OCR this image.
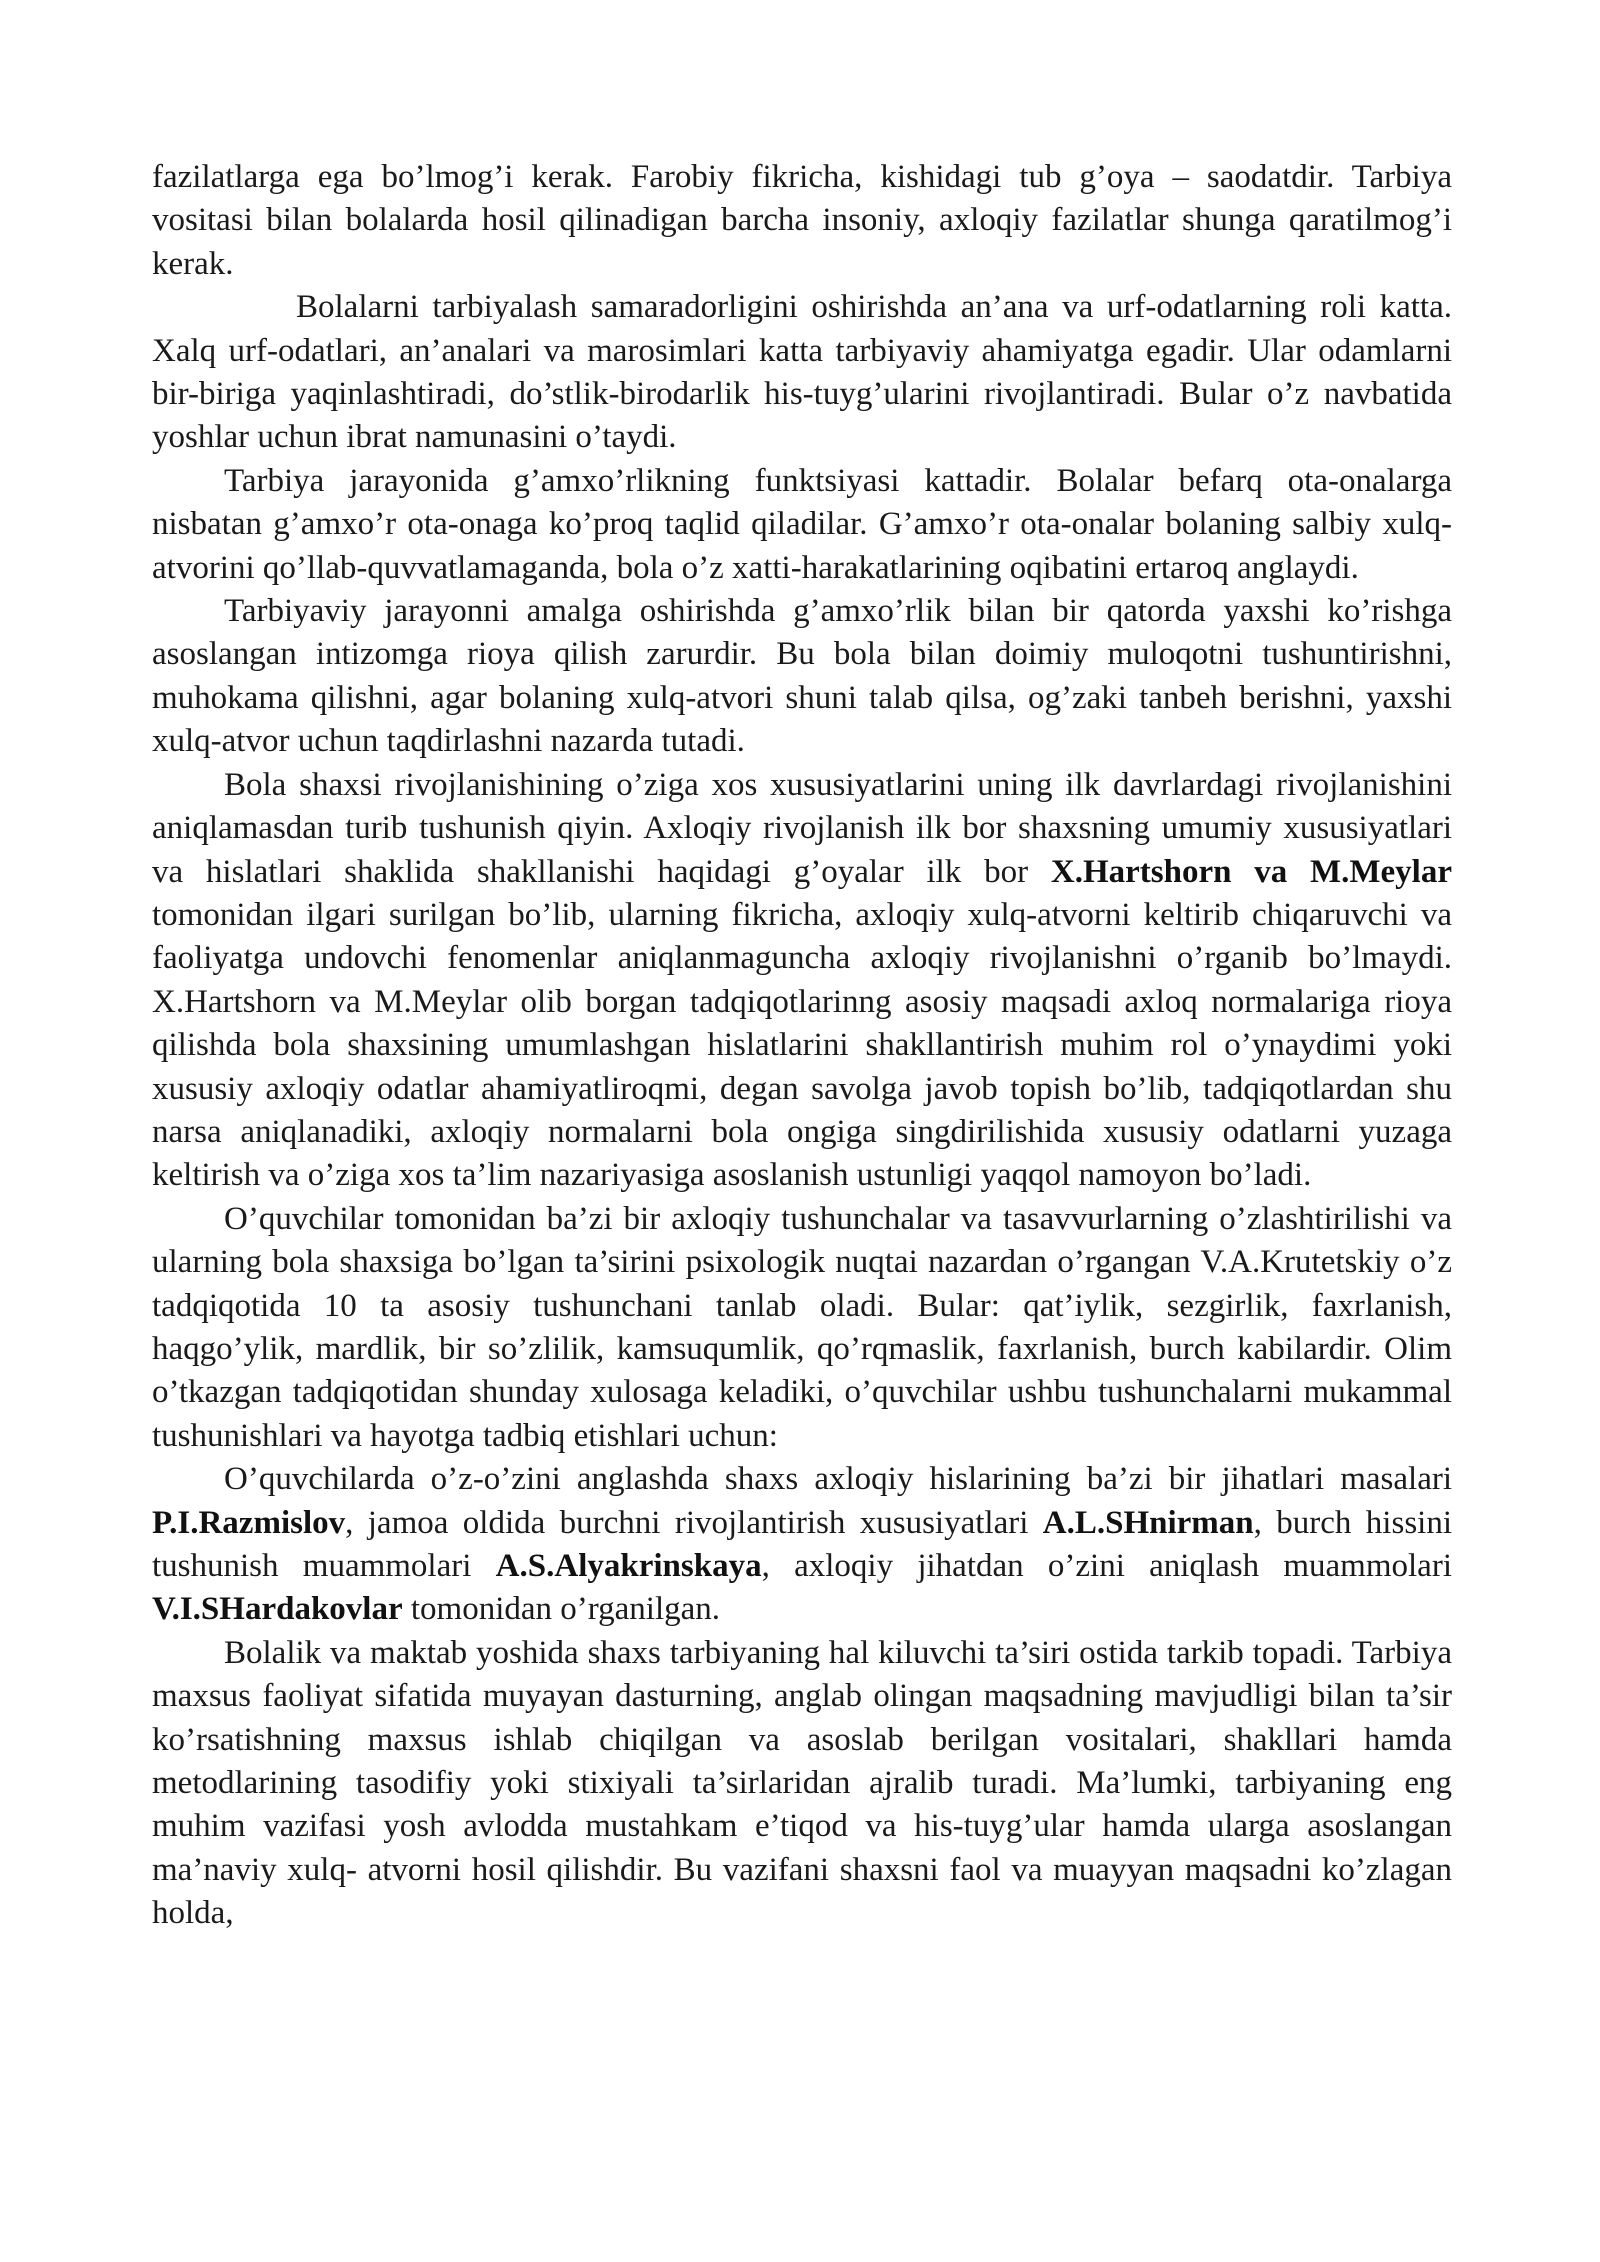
fazilatlarga ega bo’lmog’i kerak. Farobiy fikricha, kishidagi tub g’oya – saodatdir. Tarbiya vositasi bilan bolalarda hosil qilinadigan barcha insoniy, axloqiy fazilatlar shunga qaratilmog’i kerak.

Bolalarni tarbiyalash samaradorligini oshirishda an’ana va urf-odatlarning roli katta. Xalq urf-odatlari, an’analari va marosimlari katta tarbiyaviy ahamiyatga egadir. Ular odamlarni bir-biriga yaqinlashtiradi, do’stlik-birodarlik his-tuyg’ularini rivojlantiradi. Bular o’z navbatida yoshlar uchun ibrat namunasini o’taydi.

Tarbiya jarayonida g’amxo’rlikning funktsiyasi kattadir. Bolalar befarq ota-onalarga nisbatan g’amxo’r ota-onaga ko’proq taqlid qiladilar. G’amxo’r ota-onalar bolaning salbiy xulq-atvorini qo’llab-quvvatlamaganda, bola o’z xatti-harakatlarining oqibatini ertaroq anglaydi.

Tarbiyaviy jarayonni amalga oshirishda g’amxo’rlik bilan bir qatorda yaxshi ko’rishga asoslangan intizomga rioya qilish zarurdir. Bu bola bilan doimiy muloqotni tushuntirishni, muhokama qilishni, agar bolaning xulq-atvori shuni talab qilsa, og’zaki tanbeh berishni, yaxshi xulq-atvor uchun taqdirlashni nazarda tutadi.

Bola shaxsi rivojlanishining o’ziga xos xususiyatlarini uning ilk davrlardagi rivojlanishini aniqlamasdan turib tushunish qiyin. Axloqiy rivojlanish ilk bor shaxsning umumiy xususiyatlari va hislatlari shaklida shakllanishi haqidagi g’oyalar ilk bor X.Hartshorn va M.Meylar tomonidan ilgari surilgan bo’lib, ularning fikricha, axloqiy xulq-atvorni keltirib chiqaruvchi va faoliyatga undovchi fenomenlar aniqlanmaguncha axloqiy rivojlanishni o’rganib bo’lmaydi. X.Hartshorn va M.Meylar olib borgan tadqiqotlarinng asosiy maqsadi axloq normalariga rioya qilishda bola shaxsining umumlashgan hislatlarini shakllantirish muhim rol o’ynaydimi yoki xususiy axloqiy odatlar ahamiyatliroqmi, degan savolga javob topish bo’lib, tadqiqotlardan shu narsa aniqlanadiki, axloqiy normalarni bola ongiga singdirilishida xususiy odatlarni yuzaga keltirish va o’ziga xos ta’lim nazariyasiga asoslanish ustunligi yaqqol namoyon bo’ladi.

O’quvchilar tomonidan ba’zi bir axloqiy tushunchalar va tasavvurlarning o’zlashtirilishi va ularning bola shaxsiga bo’lgan ta’sirini psixologik nuqtai nazardan o’rgangan V.A.Krutetskiy o’z tadqiqotida 10 ta asosiy tushunchani tanlab oladi. Bular: qat’iylik, sezgirlik, faxrlanish, haqgo’ylik, mardlik, bir so’zlilik, kamsuqumlik, qo’rqmaslik, faxrlanish, burch kabilardir. Olim o’tkazgan tadqiqotidan shunday xulosaga keladiki, o’quvchilar ushbu tushunchalarni mukammal tushunishlari va hayotga tadbiq etishlari uchun:

O’quvchilarda o’z-o’zini anglashda shaxs axloqiy hislarining ba’zi bir jihatlari masalari P.I.Razmislov, jamoa oldida burchni rivojlantirish xususiyatlari A.L.SHnirman, burch hissini tushunish muammolari A.S.Alyakrinskaya, axloqiy jihatdan o’zini aniqlash muammolari V.I.SHardakovlar tomonidan o’rganilgan.

Bolalik va maktab yoshida shaxs tarbiyaning hal kiluvchi ta’siri ostida tarkib topadi. Tarbiya maxsus faoliyat sifatida muyayan dasturning, anglab olingan maqsadning mavjudligi bilan ta’sir ko’rsatishning maxsus ishlab chiqilgan va asoslab berilgan vositalari, shakllari hamda metodlarining tasodifiy yoki stixiyali ta’sirlaridan ajralib turadi. Ma’lumki, tarbiyaning eng muhim vazifasi yosh avlodda mustahkam e’tiqod va his-tuyg’ular hamda ularga asoslangan ma’naviy xulq- atvorni hosil qilishdir. Bu vazifani shaxsni faol va muayyan maqsadni ko’zlagan holda,
